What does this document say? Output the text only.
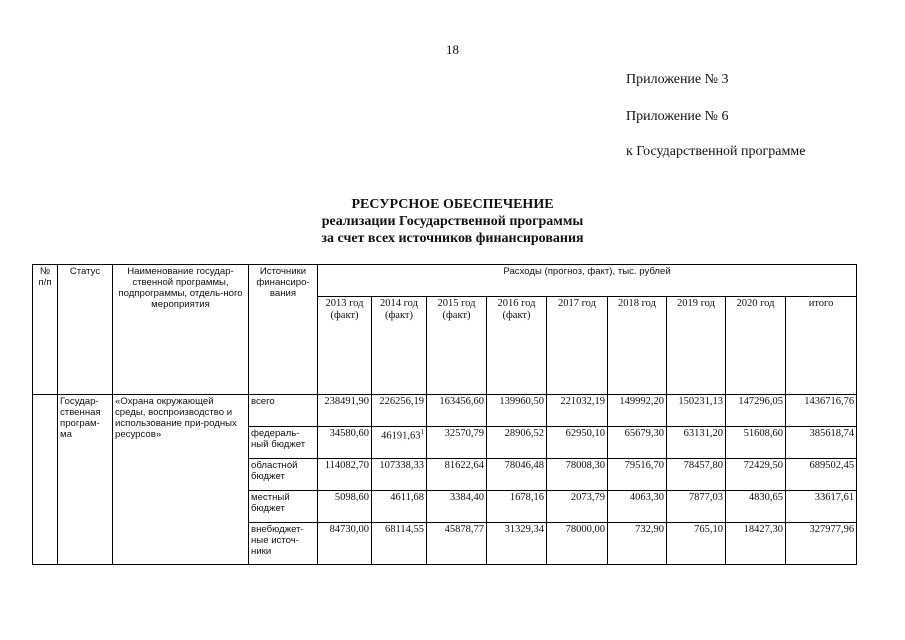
18
Приложение № 3
Приложение № 6
к Государственной программе
РЕСУРСНОЕ ОБЕСПЕЧЕНИЕ
реализации Государственной программы
за счет всех источников финансирования
№ п/п	Статус	Наименование государ-ственной программы, подпрограммы, отдель-ного мероприятия	Источники финансиро-вания	Расходы (прогноз, факт), тыс. рублей								
				2013 год (факт)	2014 год (факт)	2015 год (факт)	2016 год (факт)	2017 год	2018 год	2019 год	2020 год	итого
	Государ-ственная програм-ма	«Охрана окружающей среды, воспроизводство и использование при-родных ресурсов»	всего	238491,90	226256,19	163456,60	139960,50	221032,19	149992,20	150231,13	147296,05	1436716,76
			федераль-ный бюджет	34580,60	46191,63$^1$	32570,79	28906,52	62950,10	65679,30	63131,20	51608,60	385618,74
			областной бюджет	114082,70	107338,33	81622,64	78046,48	78008,30	79516,70	78457,80	72429,50	689502,45
			местный бюджет	5098,60	4611,68	3384,40	1678,16	2073,79	4063,30	7877,03	4830,65	33617,61
			внебюджет-ные источ-ники	84730,00	68114,55	45878,77	31329,34	78000,00	732,90	765,10	18427,30	327977,96
